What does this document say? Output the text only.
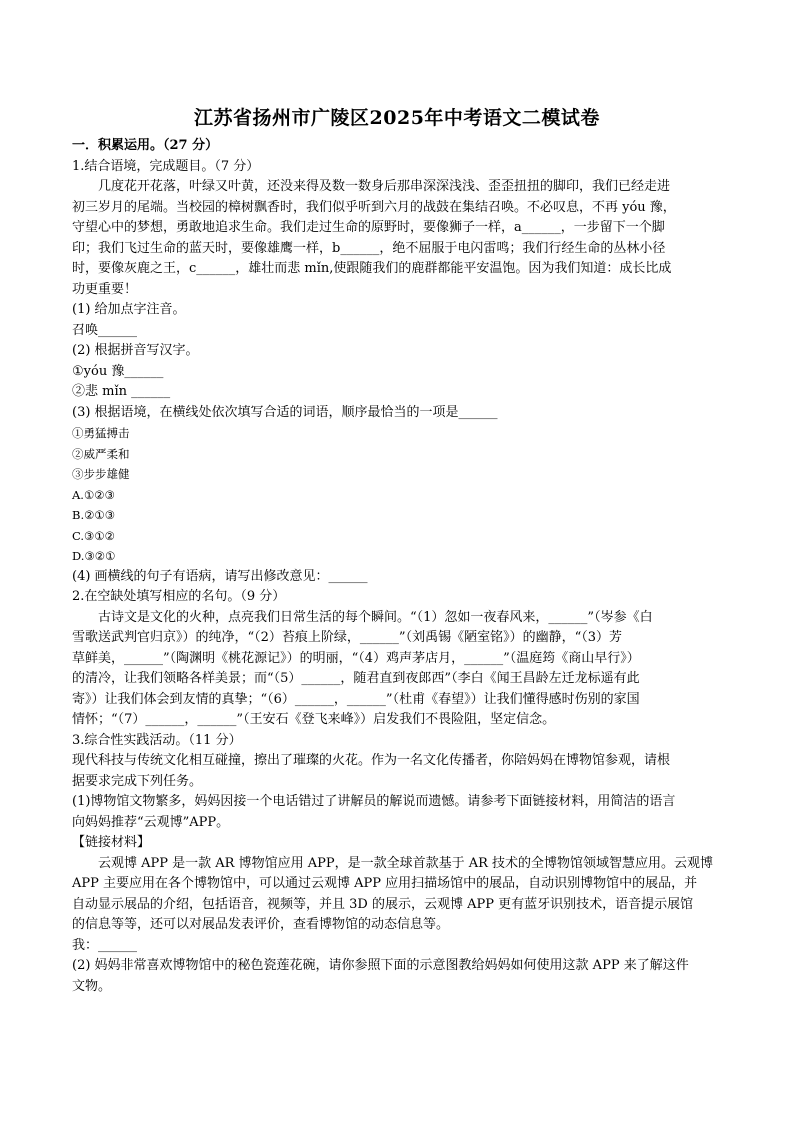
江苏省扬州市广陵区2025年中考语文二模试卷
一．积累运用。（27 分）
1.结合语境，完成题目。（7 分）
几度花开花落，叶绿又叶黄，还没来得及数一数身后那串深深浅浅、歪歪扭扭的脚印，我们已经走进
初三岁月的尾端。当校园的樟树飘香时，我们似乎听到六月的战鼓在集结召唤。不必叹息，不再 yóu 豫，
守望心中的梦想，勇敢地追求生命。我们走过生命的原野时，要像狮子一样，a______，一步留下一个脚
印；我们飞过生命的蓝天时，要像雄鹰一样，b______，绝不屈服于电闪雷鸣；我们行经生命的丛林小径
时，要像灰鹿之王，c______，雄壮而悲 mǐn,使跟随我们的鹿群都能平安温饱。因为我们知道：成长比成
功更重要！
(1) 给加点字注音。
召唤______
(2) 根据拼音写汉字。
①yóu 豫______
②悲 mǐn ______
(3) 根据语境，在横线处依次填写合适的词语，顺序最恰当的一项是______
①勇猛搏击
②威严柔和
③步步雄健
A.①②③
B.②①③
C.③①②
D.③②①
(4) 画横线的句子有语病，请写出修改意见：______
2.在空缺处填写相应的名句。（9 分）
古诗文是文化的火种，点亮我们日常生活的每个瞬间。“（1）忽如一夜春风来，______”（岑参《白
雪歌送武判官归京》）的纯净，“（2）苔痕上阶绿，______”（刘禹锡《陋室铭》）的幽静，“（3）芳
草鲜美，______”（陶渊明《桃花源记》）的明丽，“（4）鸡声茅店月，______”（温庭筠《商山早行》）
的清冷，让我们领略各样美景；而“（5）______，随君直到夜郎西”（李白《闻王昌龄左迁龙标遥有此
寄》）让我们体会到友情的真挚；“（6）______，______”（杜甫《春望》）让我们懂得感时伤别的家国
情怀；“（7）______，______”（王安石《登飞来峰》）启发我们不畏险阻，坚定信念。
3.综合性实践活动。（11 分）
现代科技与传统文化相互碰撞，擦出了璀璨的火花。作为一名文化传播者，你陪妈妈在博物馆参观，请根
据要求完成下列任务。
(1)博物馆文物繁多，妈妈因接一个电话错过了讲解员的解说而遗憾。请参考下面链接材料，用简洁的语言
向妈妈推荐“云观博”APP。
【链接材料】
云观博 APP 是一款 AR 博物馆应用 APP，是一款全球首款基于 AR 技术的全博物馆领域智慧应用。云观博
APP 主要应用在各个博物馆中，可以通过云观博 APP 应用扫描场馆中的展品，自动识别博物馆中的展品，并
自动显示展品的介绍，包括语音，视频等，并且 3D 的展示，云观博 APP 更有蓝牙识别技术，语音提示展馆
的信息等等，还可以对展品发表评价，查看博物馆的动态信息等。
我：______
(2) 妈妈非常喜欢博物馆中的秘色瓷莲花碗，请你参照下面的示意图教给妈妈如何使用这款 APP 来了解这件
文物。
